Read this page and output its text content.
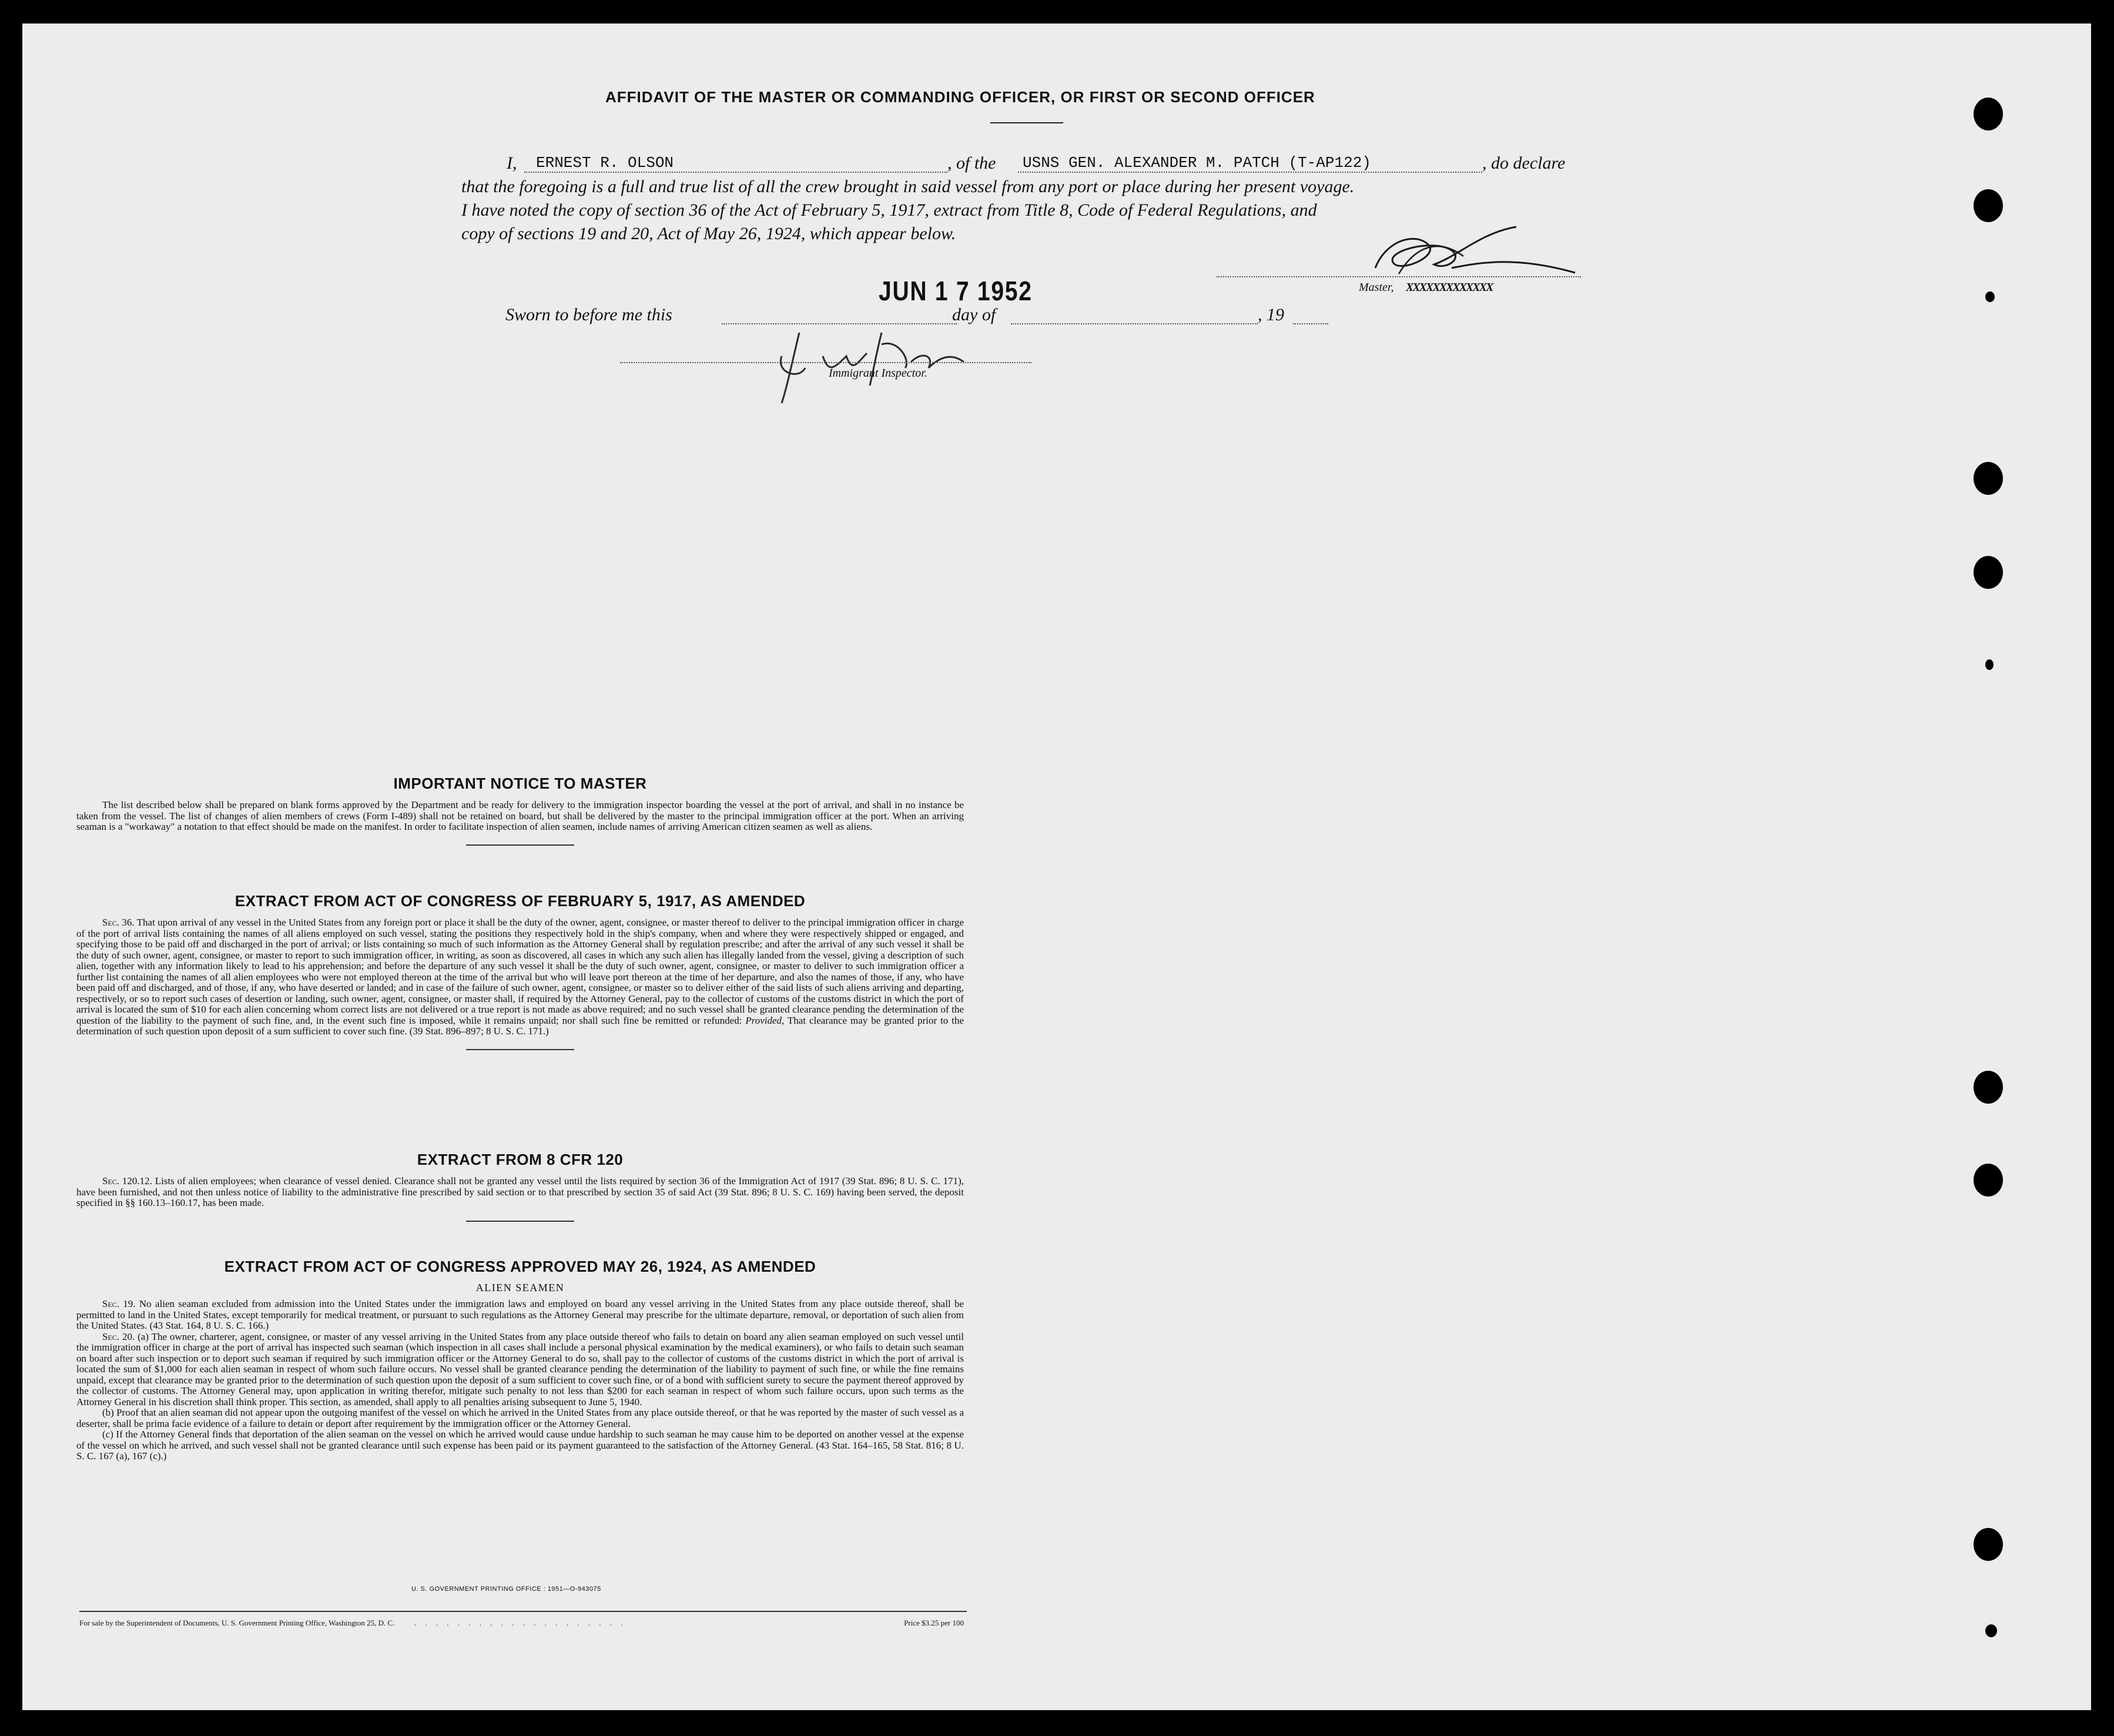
AFFIDAVIT OF THE MASTER OR COMMANDING OFFICER, OR FIRST OR SECOND OFFICER
I, ERNEST R. OLSON	, of the USNS GEN. ALEXANDER M. PATCH (T-AP122)	, do declare
that the foregoing is a full and true list of all the crew brought in said vessel from any port or place during her present voyage.
I have noted the copy of section 36 of the Act of February 5, 1917, extract from Title 8, Code of Federal Regulations, and
copy of sections 19 and 20, Act of May 26, 1924, which appear below.
Master, XXXXXXXXXXXXX
Sworn to before me this
JUN 1 7 1952
day of	, 19
Immigrant Inspector.
IMPORTANT NOTICE TO MASTER

The list described below shall be prepared on blank forms approved by the Department and be ready for delivery to the immigration inspector boarding the vessel at the port of arrival, and shall in no instance be taken from the vessel. The list of changes of alien members of crews (Form I-489) shall not be retained on board, but shall be delivered by the master to the principal immigration officer at the port. When an arriving seaman is a "workaway" a notation to that effect should be made on the manifest. In order to facilitate inspection of alien seamen, include names of arriving American citizen seamen as well as aliens.

EXTRACT FROM ACT OF CONGRESS OF FEBRUARY 5, 1917, AS AMENDED

Sec. 36. That upon arrival of any vessel in the United States from any foreign port or place it shall be the duty of the owner, agent, consignee, or master thereof to deliver to the principal immigration officer in charge of the port of arrival lists containing the names of all aliens employed on such vessel, stating the positions they respectively hold in the ship's company, when and where they were respectively shipped or engaged, and specifying those to be paid off and discharged in the port of arrival; or lists containing so much of such information as the Attorney General shall by regulation prescribe; and after the arrival of any such vessel it shall be the duty of such owner, agent, consignee, or master to report to such immigration officer, in writing, as soon as discovered, all cases in which any such alien has illegally landed from the vessel, giving a description of such alien, together with any information likely to lead to his apprehension; and before the departure of any such vessel it shall be the duty of such owner, agent, consignee, or master to deliver to such immigration officer a further list containing the names of all alien employees who were not employed thereon at the time of the arrival but who will leave port thereon at the time of her departure, and also the names of those, if any, who have been paid off and discharged, and of those, if any, who have deserted or landed; and in case of the failure of such owner, agent, consignee, or master so to deliver either of the said lists of such aliens arriving and departing, respectively, or so to report such cases of desertion or landing, such owner, agent, consignee, or master shall, if required by the Attorney General, pay to the collector of customs of the customs district in which the port of arrival is located the sum of $10 for each alien concerning whom correct lists are not delivered or a true report is not made as above required; and no such vessel shall be granted clearance pending the determination of the question of the liability to the payment of such fine, and, in the event such fine is imposed, while it remains unpaid; nor shall such fine be remitted or refunded: Provided, That clearance may be granted prior to the determination of such question upon deposit of a sum sufficient to cover such fine. (39 Stat. 896–897; 8 U. S. C. 171.)

EXTRACT FROM 8 CFR 120

Sec. 120.12. Lists of alien employees; when clearance of vessel denied. Clearance shall not be granted any vessel until the lists required by section 36 of the Immigration Act of 1917 (39 Stat. 896; 8 U. S. C. 171), have been furnished, and not then unless notice of liability to the administrative fine prescribed by said section or to that prescribed by section 35 of said Act (39 Stat. 896; 8 U. S. C. 169) having been served, the deposit specified in §§ 160.13–160.17, has been made.

EXTRACT FROM ACT OF CONGRESS APPROVED MAY 26, 1924, AS AMENDED
ALIEN SEAMEN

Sec. 19. No alien seaman excluded from admission into the United States under the immigration laws and employed on board any vessel arriving in the United States from any place outside thereof, shall be permitted to land in the United States, except temporarily for medical treatment, or pursuant to such regulations as the Attorney General may prescribe for the ultimate departure, removal, or deportation of such alien from the United States. (43 Stat. 164, 8 U. S. C. 166.)

Sec. 20. (a) The owner, charterer, agent, consignee, or master of any vessel arriving in the United States from any place outside thereof who fails to detain on board any alien seaman employed on such vessel until the immigration officer in charge at the port of arrival has inspected such seaman (which inspection in all cases shall include a personal physical examination by the medical examiners), or who fails to detain such seaman on board after such inspection or to deport such seaman if required by such immigration officer or the Attorney General to do so, shall pay to the collector of customs of the customs district in which the port of arrival is located the sum of $1,000 for each alien seaman in respect of whom such failure occurs. No vessel shall be granted clearance pending the determination of the liability to payment of such fine, or while the fine remains unpaid, except that clearance may be granted prior to the determination of such question upon the deposit of a sum sufficient to cover such fine, or of a bond with sufficient surety to secure the payment thereof approved by the collector of customs. The Attorney General may, upon application in writing therefor, mitigate such penalty to not less than $200 for each seaman in respect of whom such failure occurs, upon such terms as the Attorney General in his discretion shall think proper. This section, as amended, shall apply to all penalties arising subsequent to June 5, 1940.

(b) Proof that an alien seaman did not appear upon the outgoing manifest of the vessel on which he arrived in the United States from any place outside thereof, or that he was reported by the master of such vessel as a deserter, shall be prima facie evidence of a failure to detain or deport after requirement by the immigration officer or the Attorney General.

(c) If the Attorney General finds that deportation of the alien seaman on the vessel on which he arrived would cause undue hardship to such seaman he may cause him to be deported on another vessel at the expense of the vessel on which he arrived, and such vessel shall not be granted clearance until such expense has been paid or its payment guaranteed to the satisfaction of the Attorney General. (43 Stat. 164–165, 58 Stat. 816; 8 U. S. C. 167 (a), 167 (c).)

U. S. GOVERNMENT PRINTING OFFICE : 1951—O-943075
For sale by the Superintendent of Documents, U. S. Government Printing Office, Washington 25, D. C.	. . . . . . . . . . . . . . . . . . . .	Price $3.25 per 100
